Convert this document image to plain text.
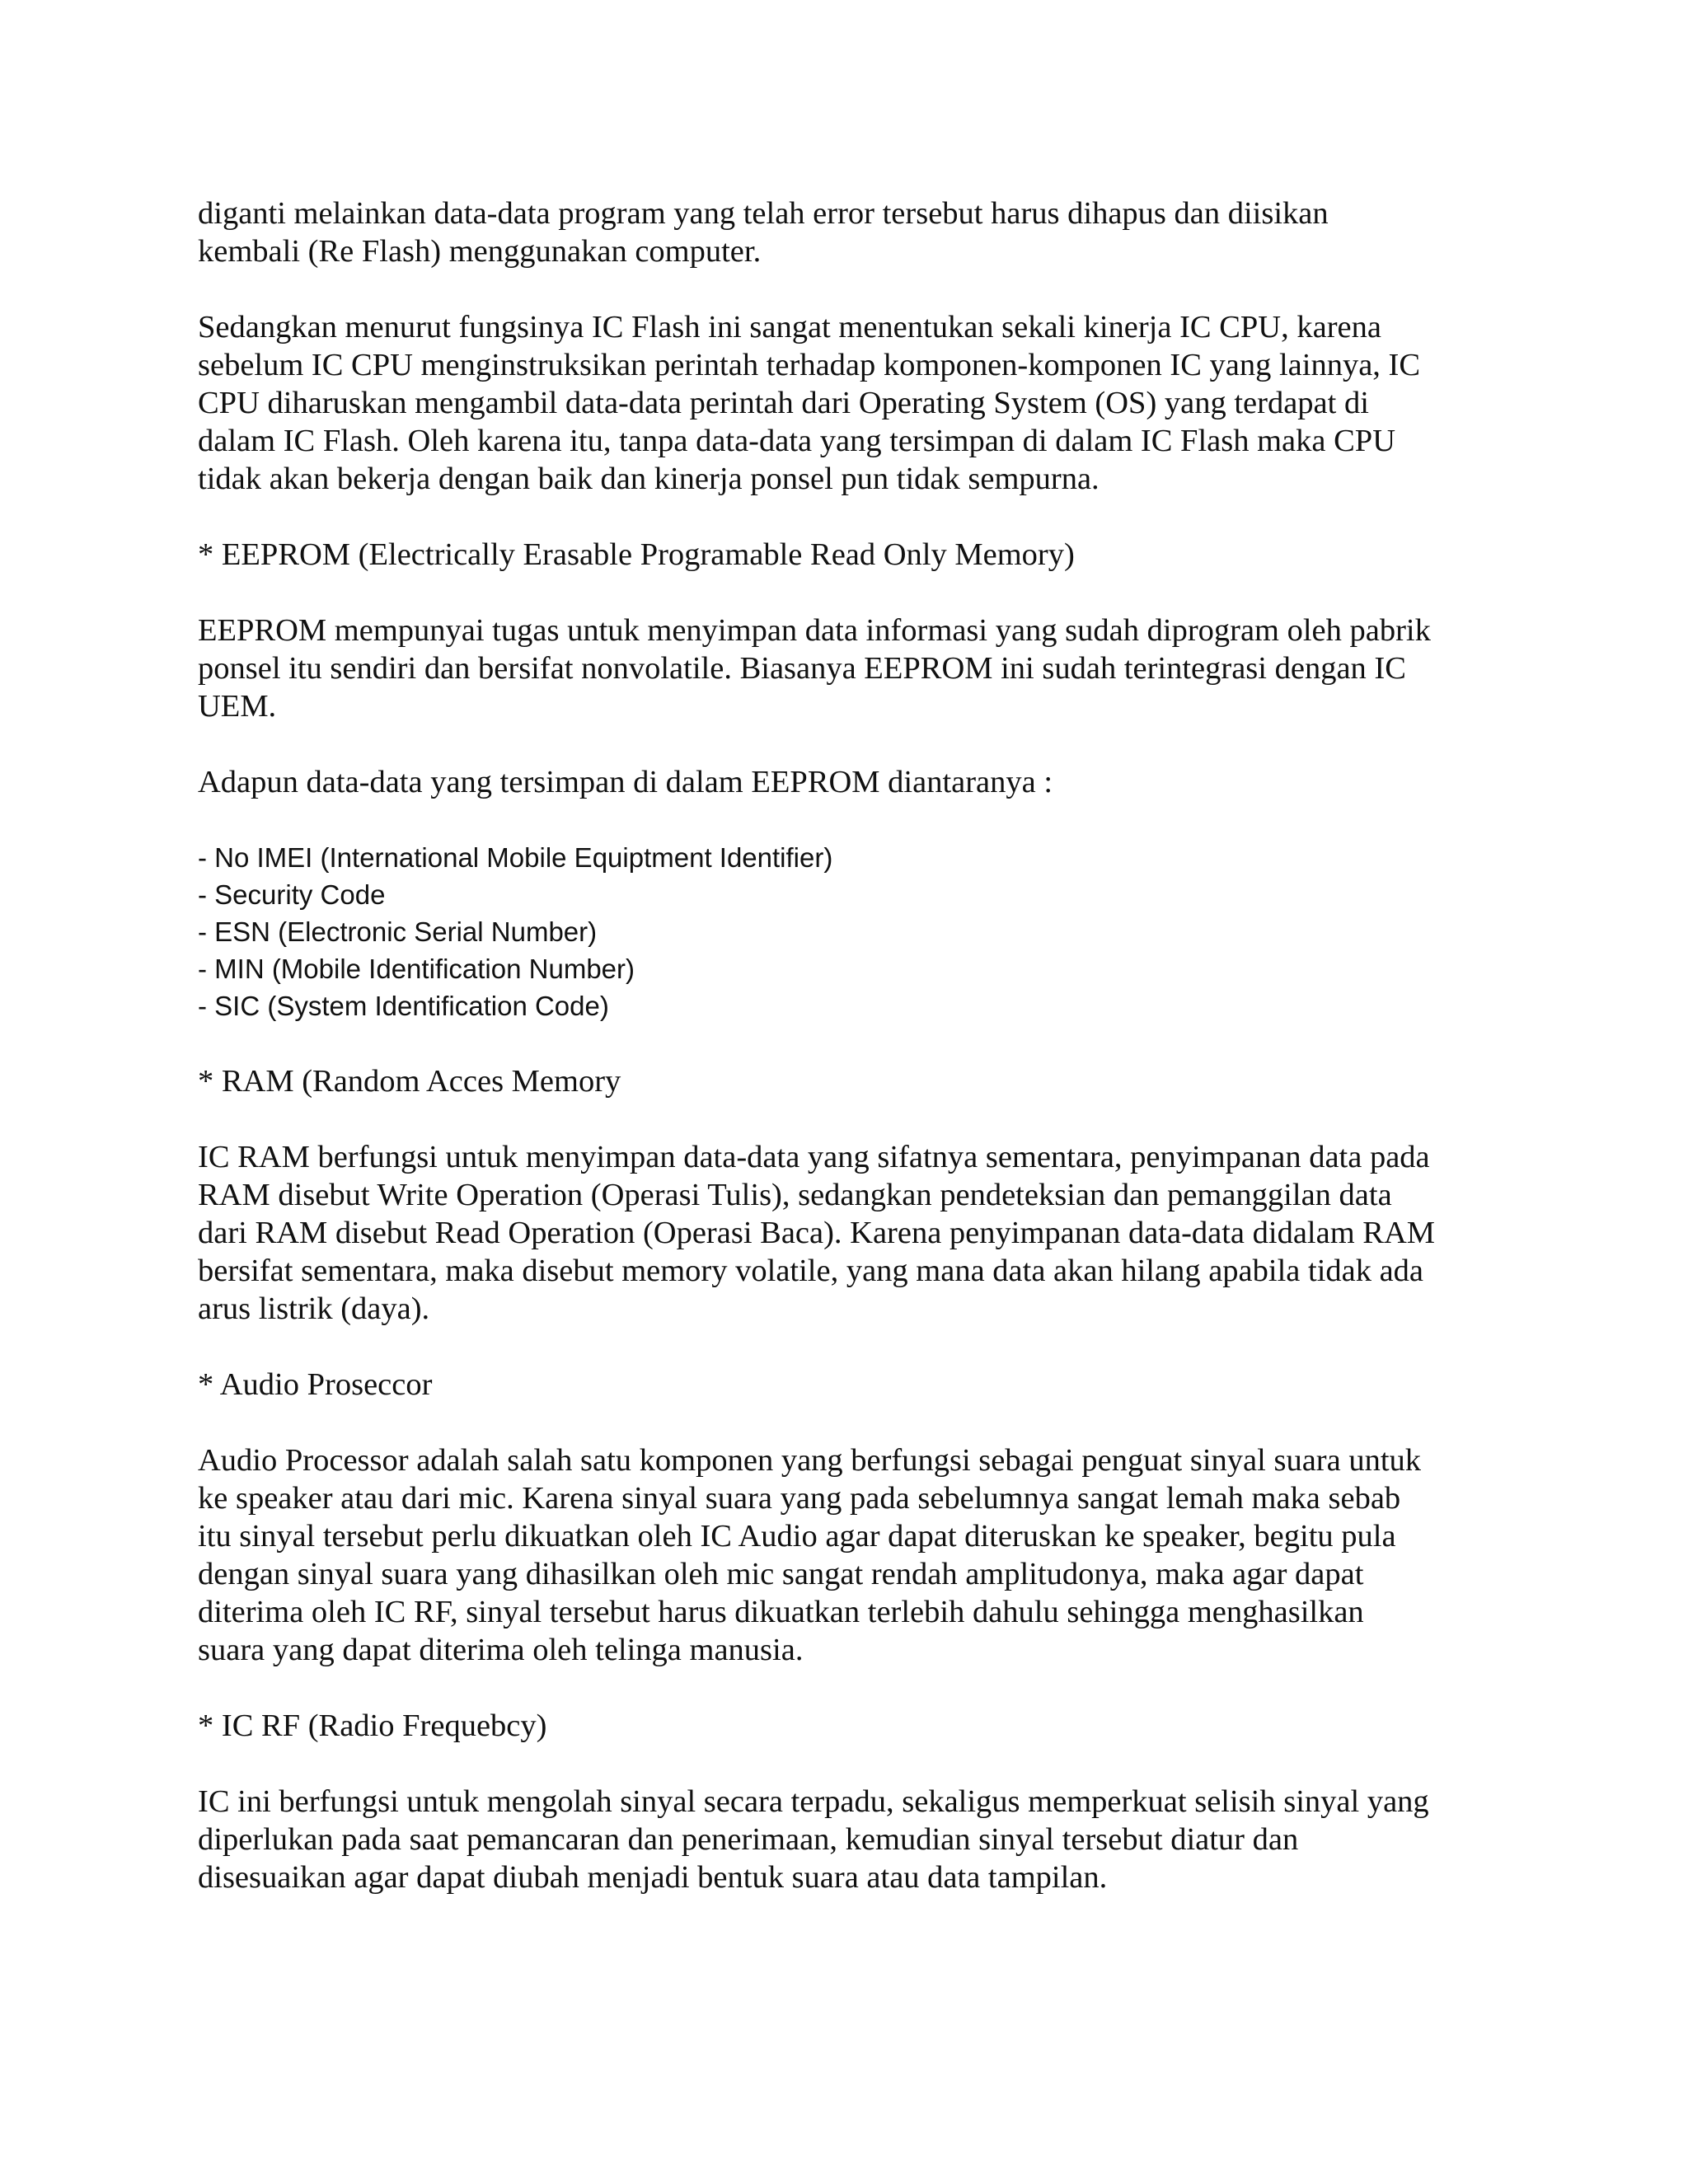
diganti melainkan data-data program yang telah error tersebut harus dihapus dan diisikan
kembali (Re Flash) menggunakan computer.

Sedangkan menurut fungsinya IC Flash ini sangat menentukan sekali kinerja IC CPU, karena
sebelum IC CPU menginstruksikan perintah terhadap komponen-komponen IC yang lainnya, IC
CPU diharuskan mengambil data-data perintah dari Operating System (OS) yang terdapat di
dalam IC Flash. Oleh karena itu, tanpa data-data yang tersimpan di dalam IC Flash maka CPU
tidak akan bekerja dengan baik dan kinerja ponsel pun tidak sempurna.

* EEPROM (Electrically Erasable Programable Read Only Memory)

EEPROM mempunyai tugas untuk menyimpan data informasi yang sudah diprogram oleh pabrik
ponsel itu sendiri dan bersifat nonvolatile. Biasanya EEPROM ini sudah terintegrasi dengan IC
UEM.

Adapun data-data yang tersimpan di dalam EEPROM diantaranya :

- No IMEI (International Mobile Equiptment Identifier)
- Security Code
- ESN (Electronic Serial Number)
- MIN (Mobile Identification Number)
- SIC (System Identification Code)

* RAM (Random Acces Memory

IC RAM berfungsi untuk menyimpan data-data yang sifatnya sementara, penyimpanan data pada
RAM disebut Write Operation (Operasi Tulis), sedangkan pendeteksian dan pemanggilan data
dari RAM disebut Read Operation (Operasi Baca). Karena penyimpanan data-data didalam RAM
bersifat sementara, maka disebut memory volatile, yang mana data akan hilang apabila tidak ada
arus listrik (daya).

* Audio Proseccor

Audio Processor adalah salah satu komponen yang berfungsi sebagai penguat sinyal suara untuk
ke speaker atau dari mic. Karena sinyal suara yang pada sebelumnya sangat lemah maka sebab
itu sinyal tersebut perlu dikuatkan oleh IC Audio agar dapat diteruskan ke speaker, begitu pula
dengan sinyal suara yang dihasilkan oleh mic sangat rendah amplitudonya, maka agar dapat
diterima oleh IC RF, sinyal tersebut harus dikuatkan terlebih dahulu sehingga menghasilkan
suara yang dapat diterima oleh telinga manusia.

* IC RF (Radio Frequebcy)

IC ini berfungsi untuk mengolah sinyal secara terpadu, sekaligus memperkuat selisih sinyal yang
diperlukan pada saat pemancaran dan penerimaan, kemudian sinyal tersebut diatur dan
disesuaikan agar dapat diubah menjadi bentuk suara atau data tampilan.
